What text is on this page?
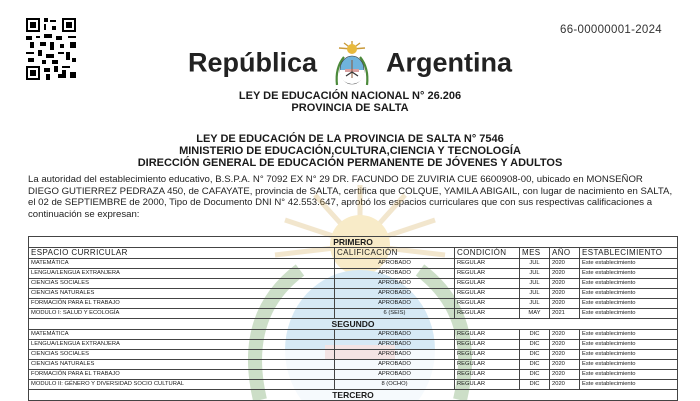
66-00000001-2024
República	Argentina
LEY DE EDUCACIÓN NACIONAL N° 26.206
PROVINCIA DE SALTA
LEY DE EDUCACIÓN DE LA PROVINCIA DE SALTA N° 7546
MINISTERIO DE EDUCACIÓN,CULTURA,CIENCIA Y TECNOLOGÍA
DIRECCIÓN GENERAL DE EDUCACIÓN PERMANENTE DE JÓVENES Y ADULTOS
La autoridad del establecimiento educativo, B.S.P.A. N° 7092 EX N° 29 DR. FACUNDO DE ZUVIRIA CUE 6600908-00, ubicado en MONSEÑOR DIEGO GUTIERREZ PEDRAZA 450, de CAFAYATE, provincia de SALTA, certifica que COLQUE, YAMILA ABIGAIL, con lugar de nacimiento en SALTA, el 02 de SEPTIEMBRE de 2000, Tipo de Documento DNI N° 42.553.647, aprobó los espacios curriculares que con sus respectivas calificaciones a continuación se expresan:
PRIMERO					
ESPACIO CURRICULAR	CALIFICACIÓN	CONDICIÓN	MES	AÑO	ESTABLECIMIENTO
MATEMÁTICA	APROBADO	REGULAR	JUL	2020	Este establecimiento
LENGUA/LENGUA EXTRANJERA	APROBADO	REGULAR	JUL	2020	Este establecimiento
CIENCIAS SOCIALES	APROBADO	REGULAR	JUL	2020	Este establecimiento
CIENCIAS NATURALES	APROBADO	REGULAR	JUL	2020	Este establecimiento
FORMACIÓN PARA EL TRABAJO	APROBADO	REGULAR	JUL	2020	Este establecimiento
MODULO I: SALUD Y ECOLOGÍA	6 (SEIS)	REGULAR	MAY	2021	Este establecimiento
SEGUNDO					
MATEMÁTICA	APROBADO	REGULAR	DIC	2020	Este establecimiento
LENGUA/LENGUA EXTRANJERA	APROBADO	REGULAR	DIC	2020	Este establecimiento
CIENCIAS SOCIALES	APROBADO	REGULAR	DIC	2020	Este establecimiento
CIENCIAS NATURALES	APROBADO	REGULAR	DIC	2020	Este establecimiento
FORMACIÓN PARA EL TRABAJO	APROBADO	REGULAR	DIC	2020	Este establecimiento
MODULO II: GÉNERO Y DIVERSIDAD SOCIO CULTURAL	8 (OCHO)	REGULAR	DIC	2020	Este establecimiento
TERCERO					
